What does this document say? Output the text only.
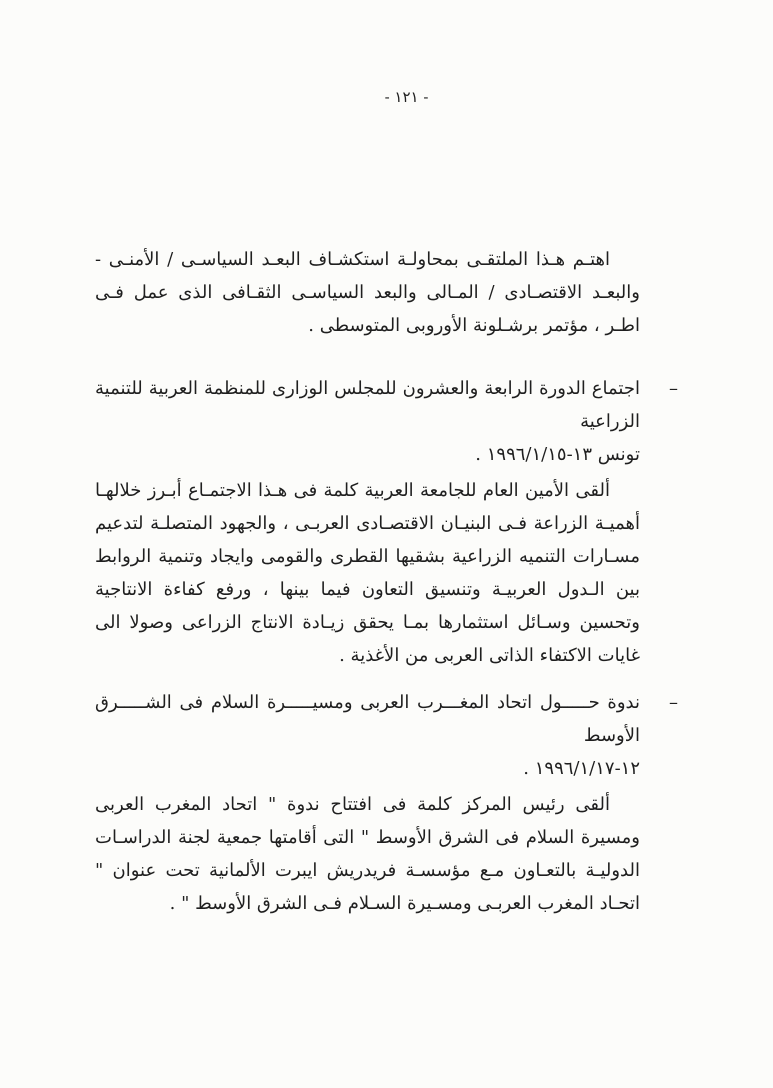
- ١٢١ -

اهتـم هـذا الملتقـى بمحاولـة استكشـاف البعـد السياسـى / الأمنـى - والبعـد الاقتصـادى / المـالى والبعد السياسـى الثقـافى الذى عمل فـى اطـر ، مؤتمر برشـلونة الأوروبى المتوسطى .

–
اجتماع الدورة الرابعة والعشرون للمجلس الوزارى للمنظمة العربية للتنمية الزراعية
تونس ١٣-١٩٩٦/١/١٥ .

ألقى الأمين العام للجامعة العربية كلمة فى هـذا الاجتمـاع أبـرز خلالهـا أهميـة الزراعة فـى البنيـان الاقتصـادى العربـى ، والجهود المتصلـة لتدعيم مسـارات التنميه الزراعية بشقيها القطرى والقومى وايجاد وتنمية الروابط بين الـدول العربيـة وتنسيق التعاون فيما بينها ، ورفع كفاءة الانتاجية وتحسين وسـائل استثمارها بمـا يحقق زيـادة الانتاج الزراعى وصولا الى غايات الاكتفاء الذاتى العربى من الأغذية .

–
ندوة حـــــول اتحاد المغـــرب العربى ومسيـــــرة السلام فى الشـــــرق الأوسط
١٢-١٩٩٦/١/١٧ .

ألقى رئيس المركز كلمة فى افتتاح ندوة " اتحاد المغرب العربى ومسيرة السلام فى الشرق الأوسط " التى أقامتها جمعية لجنة الدراسـات الدوليـة بالتعـاون مـع مؤسسـة فريدريش ايبرت الألمانية تحت عنوان " اتحـاد المغرب العربـى ومسـيرة السـلام فـى الشرق الأوسط " .
